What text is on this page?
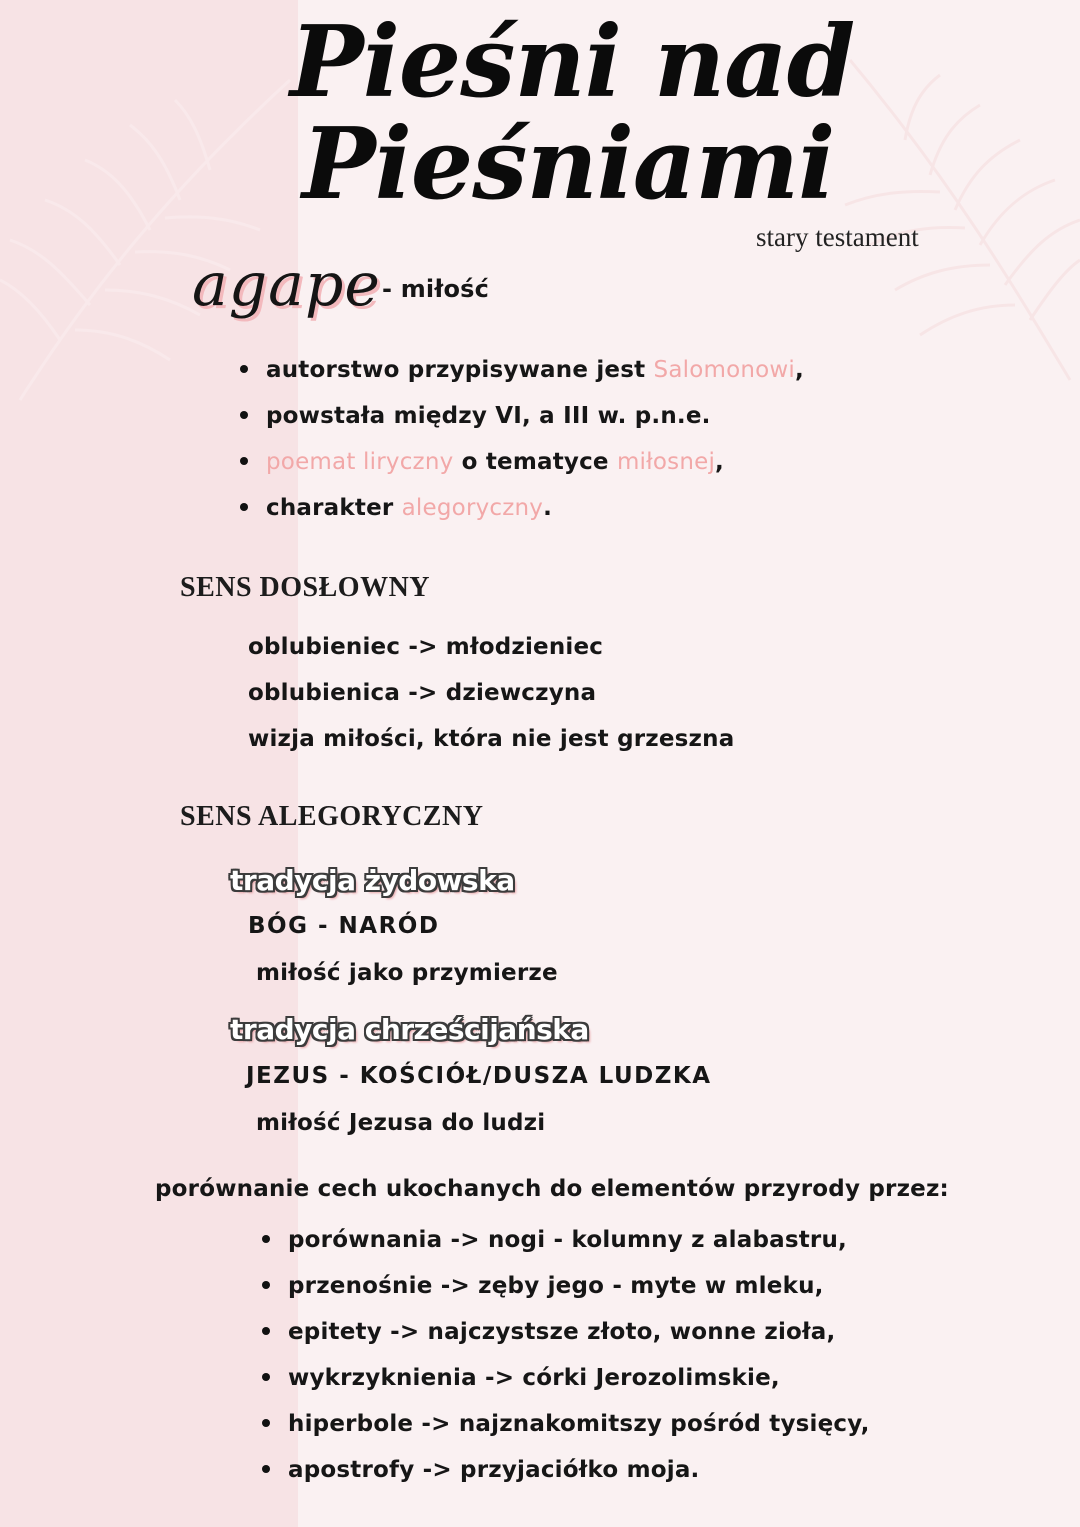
Pieśni nad
Pieśniami
stary testament
agape - miłość
autorstwo przypisywane jest Salomonowi,
powstała między VI, a III w. p.n.e.
poemat liryczny o tematyce miłosnej,
charakter alegoryczny.
SENS DOSŁOWNY
oblubieniec -> młodzieniec
oblubienica -> dziewczyna
wizja miłości, która nie jest grzeszna
SENS ALEGORYCZNY
tradycja żydowska
BÓG - NARÓD
miłość jako przymierze
tradycja chrześcijańska
JEZUS - KOŚCIÓŁ/DUSZA LUDZKA
miłość Jezusa do ludzi
porównanie cech ukochanych do elementów przyrody przez:
porównania -> nogi - kolumny z alabastru,
przenośnie -> zęby jego - myte w mleku,
epitety -> najczystsze złoto, wonne zioła,
wykrzyknienia -> córki Jerozolimskie,
hiperbole -> najznakomitszy pośród tysięcy,
apostrofy -> przyjaciółko moja.
